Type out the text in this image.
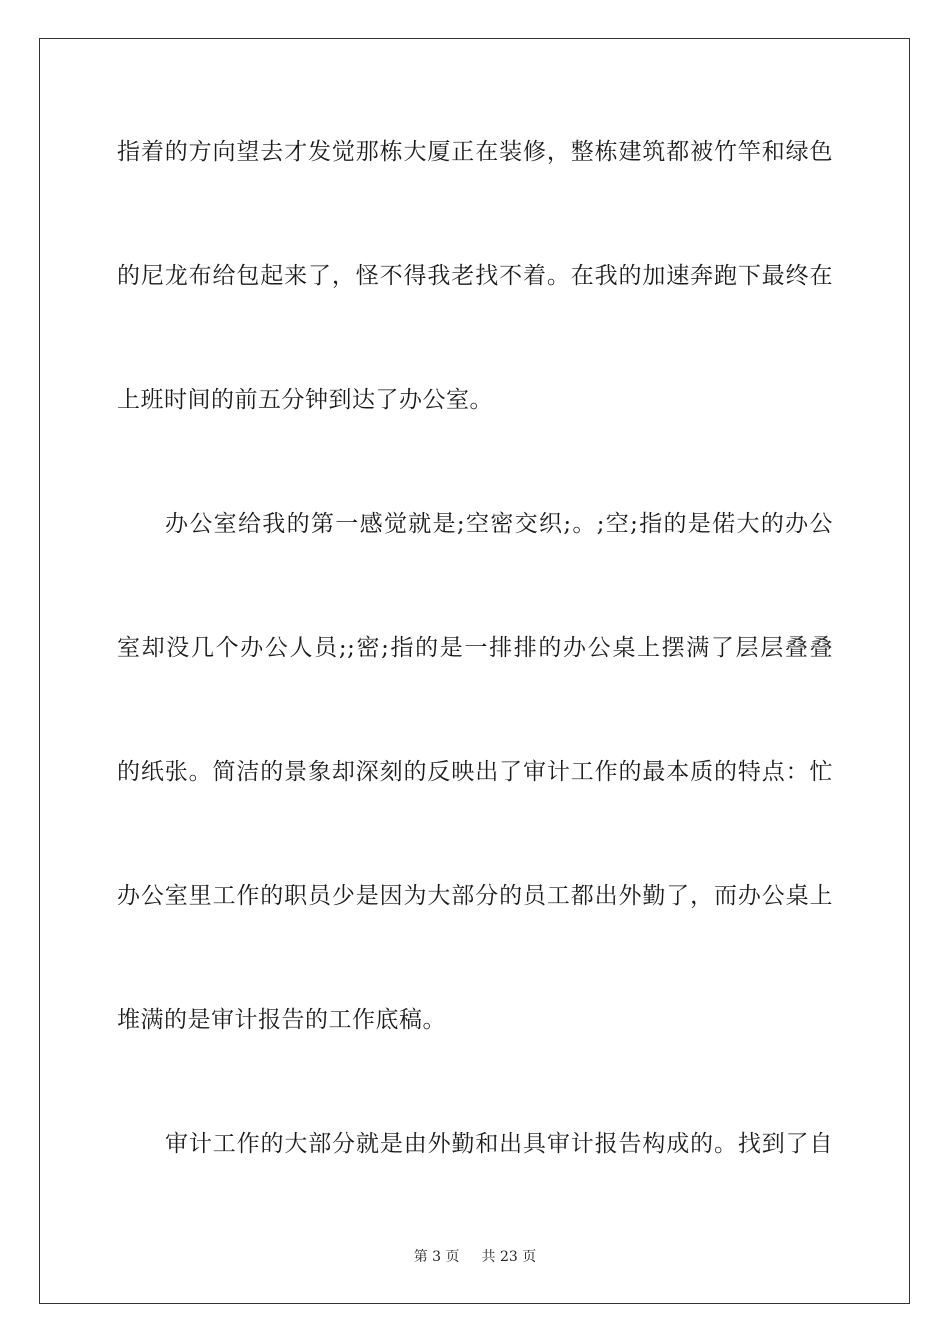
指着的方向望去才发觉那栋大厦正在装修，整栋建筑都被竹竿和绿色
的尼龙布给包起来了，怪不得我老找不着。在我的加速奔跑下最终在
上班时间的前五分钟到达了办公室。
办公室给我的第一感觉就是;空密交织;。;空;指的是偌大的办公
室却没几个办公人员;;密;指的是一排排的办公桌上摆满了层层叠叠
的纸张。简洁的景象却深刻的反映出了审计工作的最本质的特点：忙
办公室里工作的职员少是因为大部分的员工都出外勤了，而办公桌上
堆满的是审计报告的工作底稿。
审计工作的大部分就是由外勤和出具审计报告构成的。找到了自
第 3 页 共 23 页
